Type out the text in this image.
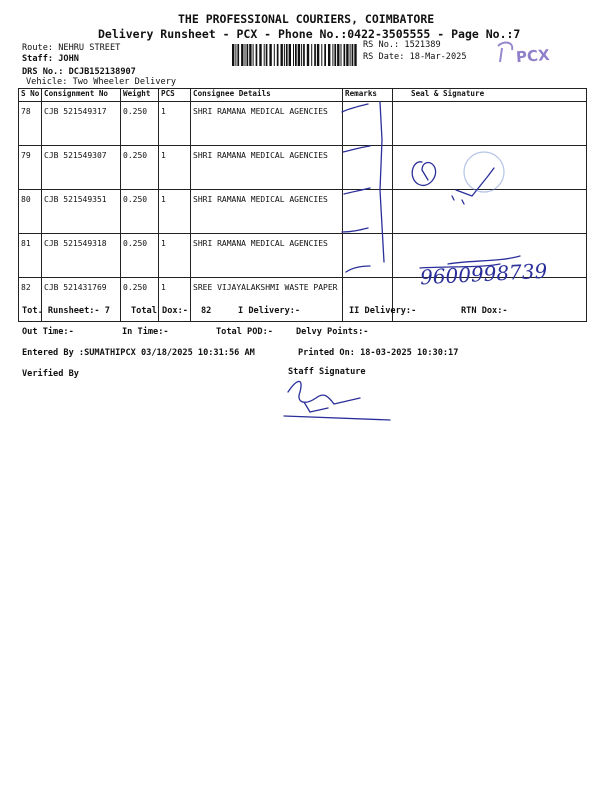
THE PROFESSIONAL COURIERS, COIMBATORE
Delivery Runsheet - PCX - Phone No.:0422-3505555 - Page No.:7
Route: NEHRU STREET
Staff: JOHN
DRS No.: DCJB152138907
Vehicle: Two Wheeler Delivery
RS No.: 1521389
RS Date: 18-Mar-2025	PCX
S No	Consignment No	Weight	PCS	Consignee Details	Remarks	Seal & Signature
78	CJB 521549317	0.250	1	SHRI RAMANA MEDICAL AGENCIES		
79	CJB 521549307	0.250	1	SHRI RAMANA MEDICAL AGENCIES		
80	CJB 521549351	0.250	1	SHRI RAMANA MEDICAL AGENCIES		
81	CJB 521549318	0.250	1	SHRI RAMANA MEDICAL AGENCIES		
82	CJB 521431769	0.250	1	SREE VIJAYALAKSHMI WASTE PAPER			9600998739
Tot. Runsheet:- 7 Total Dox:- 82	I Delivery:-	II Delivery:-	RTN Dox:-
Out Time:-	In Time:-	Total POD:-	Delvy Points:-
Entered By :SUMATHIPCX 03/18/2025 10:31:56 AM	Printed On: 18-03-2025 10:30:17
Verified By	Staff Signature
